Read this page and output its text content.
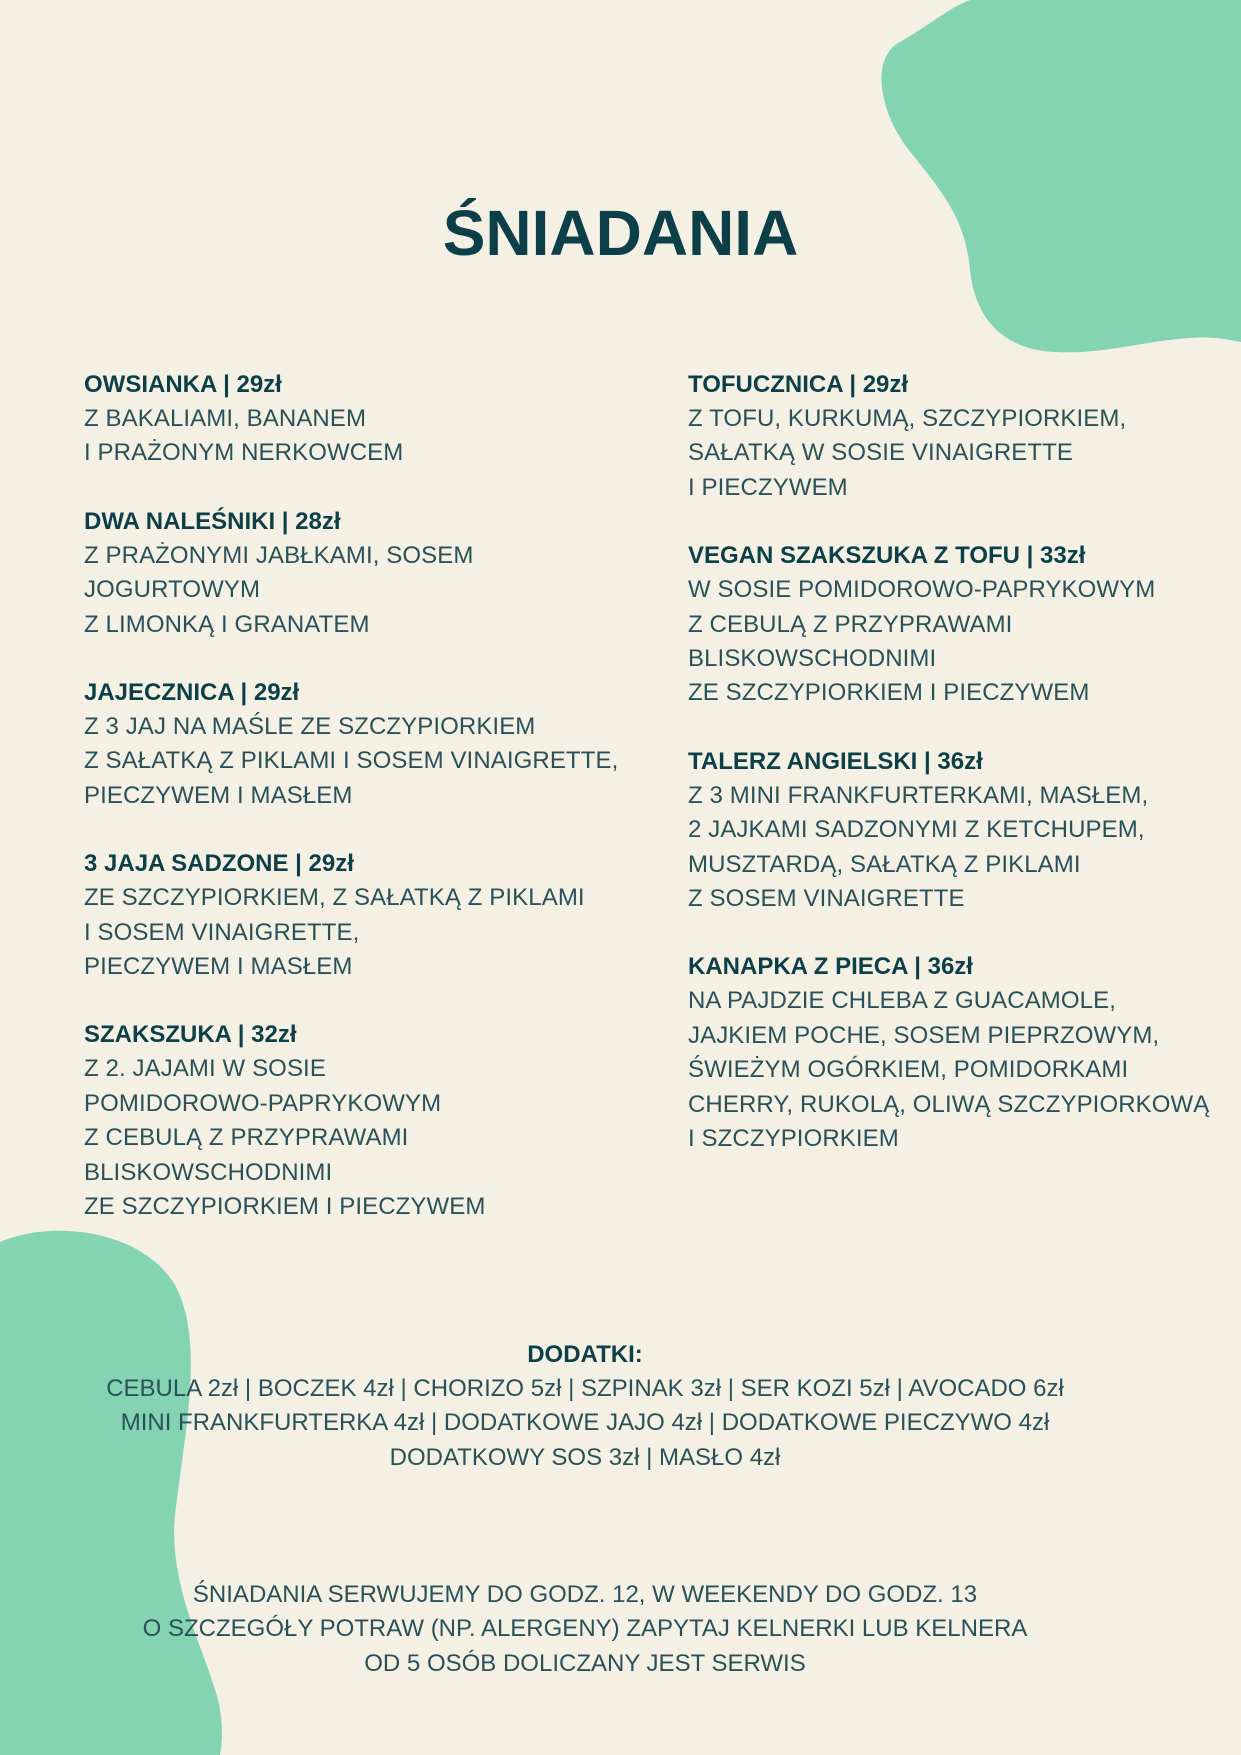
ŚNIADANIA
OWSIANKA | 29zł
Z BAKALIAMI, BANANEM
I PRAŻONYM NERKOWCEM
DWA NALEŚNIKI | 28zł
Z PRAŻONYMI JABŁKAMI, SOSEM
JOGURTOWYM
Z LIMONKĄ I GRANATEM
JAJECZNICA | 29zł
Z 3 JAJ NA MAŚLE ZE SZCZYPIORKIEM
Z SAŁATKĄ Z PIKLAMI I SOSEM VINAIGRETTE,
PIECZYWEM I MASŁEM
3 JAJA SADZONE | 29zł
ZE SZCZYPIORKIEM, Z SAŁATKĄ Z PIKLAMI
I SOSEM VINAIGRETTE,
PIECZYWEM I MASŁEM
SZAKSZUKA | 32zł
Z 2. JAJAMI W SOSIE
POMIDOROWO-PAPRYKOWYM
Z CEBULĄ Z PRZYPRAWAMI
BLISKOWSCHODNIMI
ZE SZCZYPIORKIEM I PIECZYWEM
TOFUCZNICA | 29zł
Z TOFU, KURKUMĄ, SZCZYPIORKIEM,
SAŁATKĄ W SOSIE VINAIGRETTE
I PIECZYWEM
VEGAN SZAKSZUKA Z TOFU | 33zł
W SOSIE POMIDOROWO-PAPRYKOWYM
Z CEBULĄ Z PRZYPRAWAMI
BLISKOWSCHODNIMI
ZE SZCZYPIORKIEM I PIECZYWEM
TALERZ ANGIELSKI | 36zł
Z 3 MINI FRANKFURTERKAMI, MASŁEM,
2 JAJKAMI SADZONYMI Z KETCHUPEM,
MUSZTARDĄ, SAŁATKĄ Z PIKLAMI
Z SOSEM VINAIGRETTE
KANAPKA Z PIECA | 36zł
NA PAJDZIE CHLEBA Z GUACAMOLE,
JAJKIEM POCHE, SOSEM PIEPRZOWYM,
ŚWIEŻYM OGÓRKIEM, POMIDORKAMI
CHERRY, RUKOLĄ, OLIWĄ SZCZYPIORKOWĄ
I SZCZYPIORKIEM
DODATKI:
CEBULA 2zł | BOCZEK 4zł | CHORIZO 5zł | SZPINAK 3zł | SER KOZI 5zł | AVOCADO 6zł
MINI FRANKFURTERKA 4zł | DODATKOWE JAJO 4zł | DODATKOWE PIECZYWO 4zł
DODATKOWY SOS 3zł | MASŁO 4zł
ŚNIADANIA SERWUJEMY DO GODZ. 12, W WEEKENDY DO GODZ. 13
O SZCZEGÓŁY POTRAW (NP. ALERGENY) ZAPYTAJ KELNERKI LUB KELNERA
OD 5 OSÓB DOLICZANY JEST SERWIS
